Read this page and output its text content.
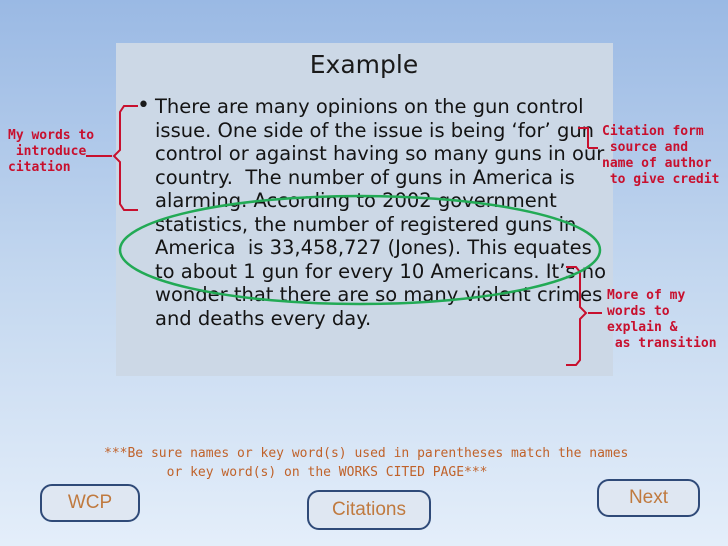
Example
• There are many opinions on the gun control
issue. One side of the issue is being ‘for’ gun
control or against having so many guns in our
country.  The number of guns in America is
alarming. According to 2002 government
statistics, the number of registered guns in
America  is 33,458,727 (Jones). This equates
to about 1 gun for every 10 Americans. It’s no
wonder that there are so many violent crimes
and deaths every day.
My words to
introduce
citation
Citation form
source and
name of author
to give credit
More of my
words to
explain &
as transition
***Be sure names or key word(s) used in parentheses match the names
or key word(s) on the WORKS CITED PAGE***
WCP	Citations
Next
